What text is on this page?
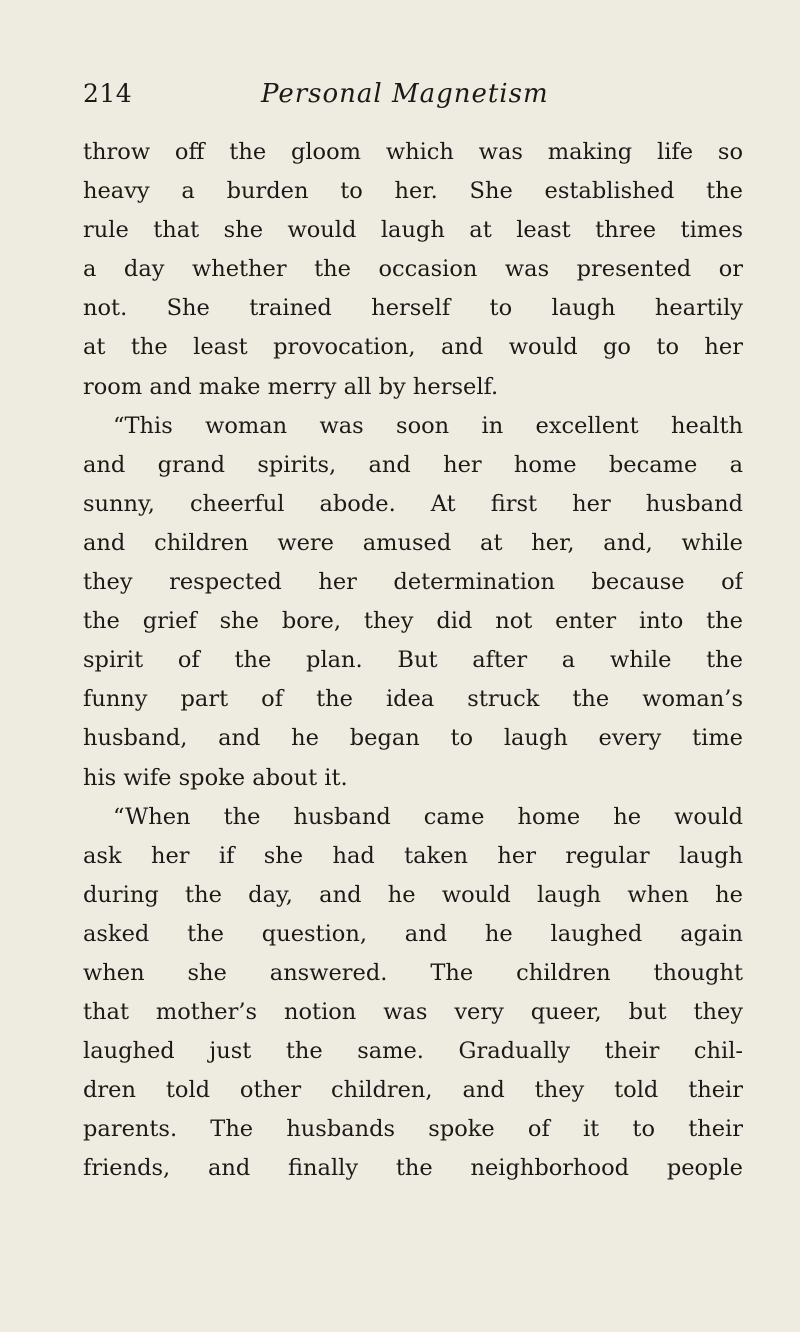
214	Personal Magnetism
throw off the gloom which was making life so
heavy a burden to her. She established the
rule that she would laugh at least three times
a day whether the occasion was presented or
not. She trained herself to laugh heartily
at the least provocation, and would go to her
room and make merry all by herself.
“This woman was soon in excellent health
and grand spirits, and her home became a
sunny, cheerful abode. At first her husband
and children were amused at her, and, while
they respected her determination because of
the grief she bore, they did not enter into the
spirit of the plan. But after a while the
funny part of the idea struck the woman’s
husband, and he began to laugh every time
his wife spoke about it.
“When the husband came home he would
ask her if she had taken her regular laugh
during the day, and he would laugh when he
asked the question, and he laughed again
when she answered. The children thought
that mother’s notion was very queer, but they
laughed just the same. Gradually their chil-
dren told other children, and they told their
parents. The husbands spoke of it to their
friends, and finally the neighborhood people
